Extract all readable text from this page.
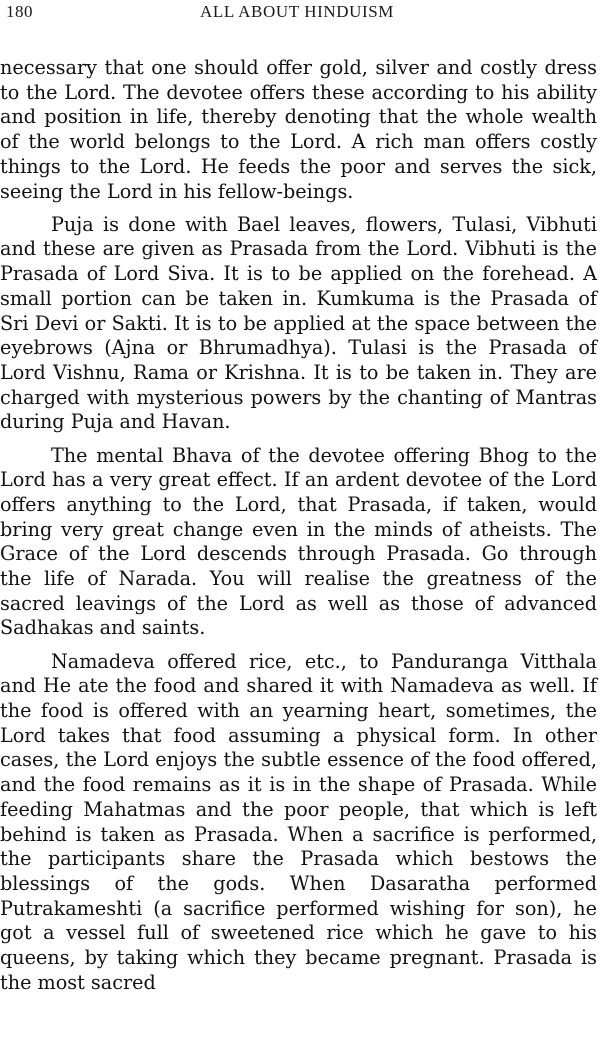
180	ALL ABOUT HINDUISM

necessary that one should offer gold, silver and costly dress to the Lord. The devotee offers these according to his ability and position in life, thereby denoting that the whole wealth of the world belongs to the Lord. A rich man offers costly things to the Lord. He feeds the poor and serves the sick, seeing the Lord in his fellow-beings.

Puja is done with Bael leaves, flowers, Tulasi, Vibhuti and these are given as Prasada from the Lord. Vibhuti is the Prasada of Lord Siva. It is to be applied on the forehead. A small portion can be taken in. Kumkuma is the Prasada of Sri Devi or Sakti. It is to be applied at the space between the eyebrows (Ajna or Bhrumadhya). Tulasi is the Prasada of Lord Vishnu, Rama or Krishna. It is to be taken in. They are charged with mysterious powers by the chanting of Mantras during Puja and Havan.

The mental Bhava of the devotee offering Bhog to the Lord has a very great effect. If an ardent devotee of the Lord offers anything to the Lord, that Prasada, if taken, would bring very great change even in the minds of atheists. The Grace of the Lord descends through Prasada. Go through the life of Narada. You will realise the greatness of the sacred leavings of the Lord as well as those of advanced Sadhakas and saints.

Namadeva offered rice, etc., to Panduranga Vitthala and He ate the food and shared it with Namadeva as well. If the food is offered with an yearning heart, sometimes, the Lord takes that food assuming a physical form. In other cases, the Lord enjoys the subtle essence of the food offered, and the food remains as it is in the shape of Prasada. While feeding Mahatmas and the poor people, that which is left behind is taken as Prasada. When a sacrifice is performed, the participants share the Prasada which bestows the blessings of the gods. When Dasaratha performed Putrakameshti (a sacrifice performed wishing for son), he got a vessel full of sweetened rice which he gave to his queens, by taking which they became pregnant. Prasada is the most sacred
